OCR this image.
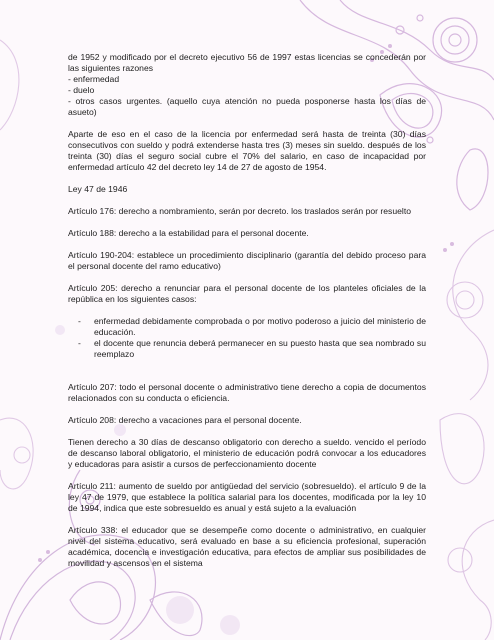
de 1952 y modificado por el decreto ejecutivo 56 de 1997 estas licencias se concederán por las siguientes razones

- enfermedad

- duelo

- otros casos urgentes. (aquello cuya atención no pueda posponerse hasta los días de asueto)

Aparte de eso en el caso de la licencia por enfermedad será hasta de treinta (30) días consecutivos con sueldo y podrá extenderse hasta tres (3) meses sin sueldo. después de los treinta (30) días el seguro social cubre el 70% del salario, en caso de incapacidad por enfermedad artículo 42 del decreto ley 14 de 27 de agosto de 1954.

Ley 47 de 1946

Artículo 176: derecho a nombramiento, serán por decreto. los traslados serán por resuelto

Artículo 188: derecho a la estabilidad para el personal docente.

Artículo 190-204: establece un procedimiento disciplinario (garantía del debido proceso para el personal docente del ramo educativo)

Artículo 205: derecho a renunciar para el personal docente de los planteles oficiales de la república en los siguientes casos:

- enfermedad debidamente comprobada o por motivo poderoso a juicio del ministerio de educación.
- el docente que renuncia deberá permanecer en su puesto hasta que sea nombrado su reemplazo

Artículo 207: todo el personal docente o administrativo tiene derecho a copia de documentos relacionados con su conducta o eficiencia.

Artículo 208: derecho a vacaciones para el personal docente.

Tienen derecho a 30 días de descanso obligatorio con derecho a sueldo. vencido el período de descanso laboral obligatorio, el ministerio de educación podrá convocar a los educadores y educadoras para asistir a cursos de perfeccionamiento docente

Artículo 211: aumento de sueldo por antigüedad del servicio (sobresueldo). el artículo 9 de la ley 47 de 1979, que establece la política salarial para los docentes, modificada por la ley 10 de 1994, indica que este sobresueldo es anual y está sujeto a la evaluación

Artículo 338: el educador que se desempeñe como docente o administrativo, en cualquier nivel del sistema educativo, será evaluado en base a su eficiencia profesional, superación académica, docencia e investigación educativa, para efectos de ampliar sus posibilidades de movilidad y ascensos en el sistema
